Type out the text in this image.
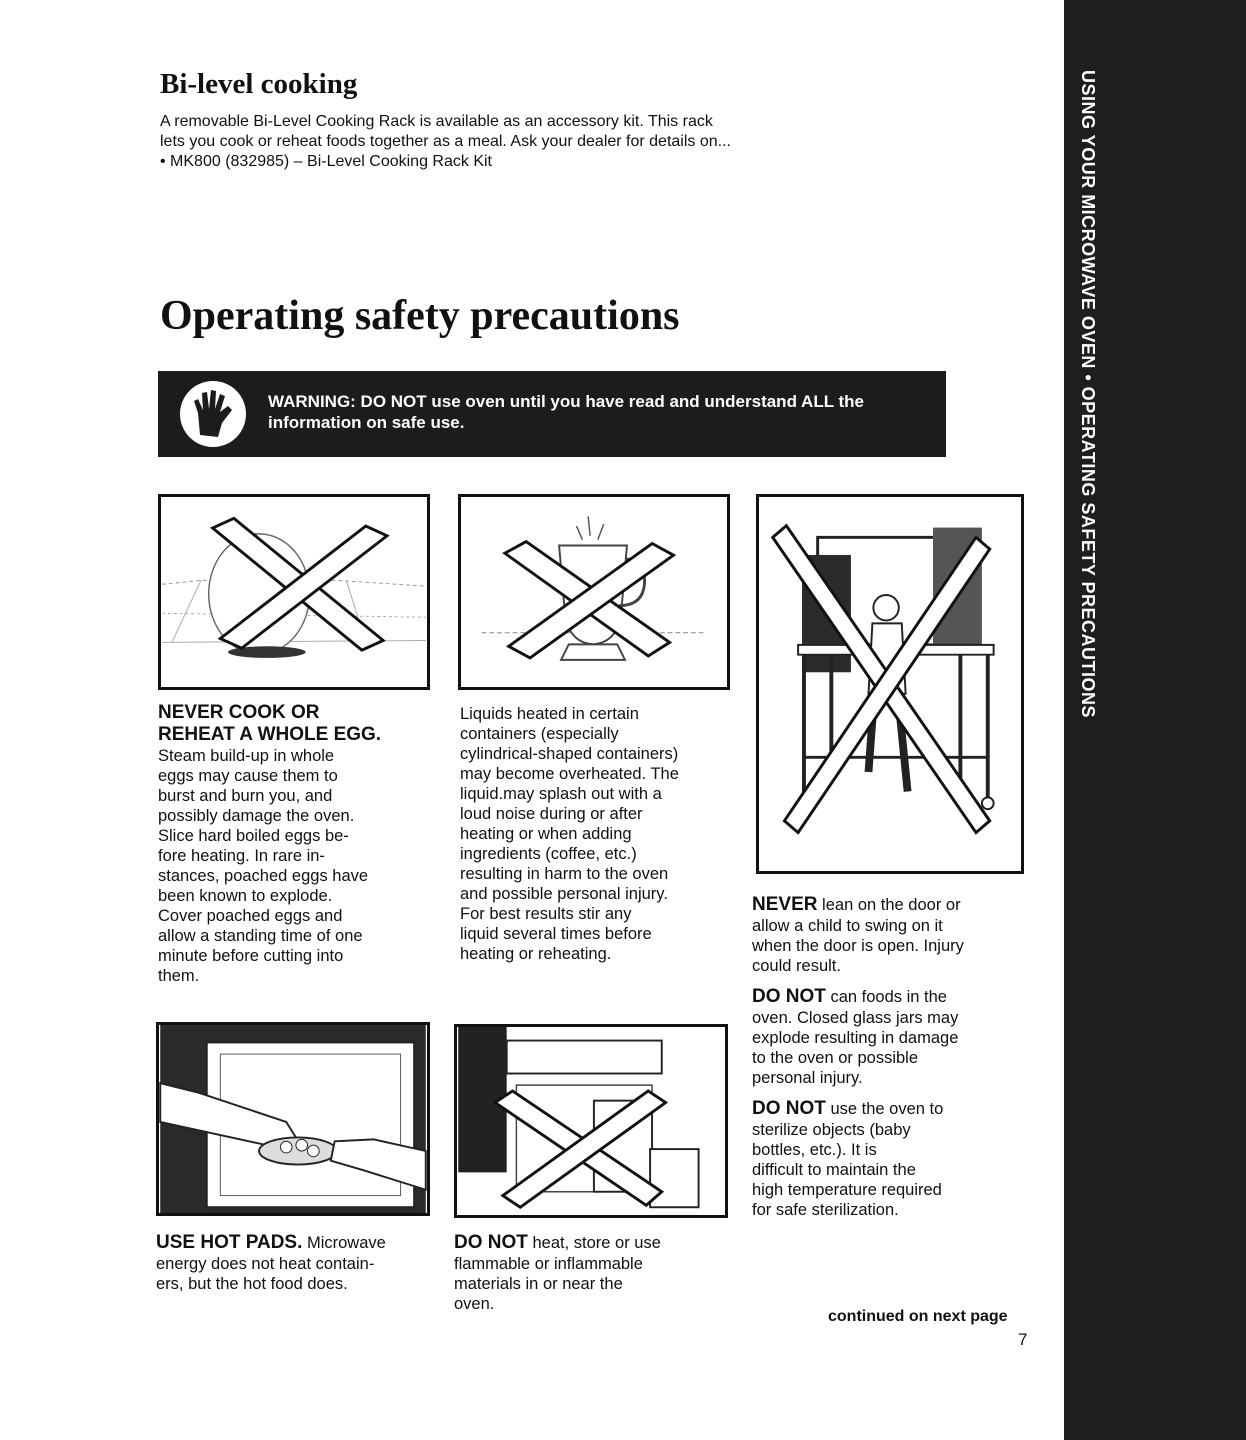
USING YOUR MICROWAVE OVEN • OPERATING SAFETY PRECAUTIONS
Bi-level cooking

A removable Bi-Level Cooking Rack is available as an accessory kit. This rack

lets you cook or reheat foods together as a meal. Ask your dealer for details on...

• MK800 (832985) – Bi-Level Cooking Rack Kit

Operating safety precautions
WARNING: DO NOT use oven until you have read and understand ALL the
information on safe use.
NEVER COOK OR
REHEAT A WHOLE EGG.
Steam build-up in whole
eggs may cause them to
burst and burn you, and
possibly damage the oven.
Slice hard boiled eggs be-
fore heating. In rare in-
stances, poached eggs have
been known to explode.
Cover poached eggs and
allow a standing time of one
minute before cutting into
them.
Liquids heated in certain
containers (especially
cylindrical-shaped containers)
may become overheated. The
liquid.may splash out with a
loud noise during or after
heating or when adding
ingredients (coffee, etc.)
resulting in harm to the oven
and possible personal injury.
For best results stir any
liquid several times before
heating or reheating.

NEVER lean on the door or
allow a child to swing on it
when the door is open. Injury
could result.

DO NOT can foods in the
oven. Closed glass jars may
explode resulting in damage
to the oven or possible
personal injury.

DO NOT use the oven to
sterilize objects (baby
bottles, etc.). It is
difficult to maintain the
high temperature required
for safe sterilization.

USE HOT PADS. Microwave
energy does not heat contain-
ers, but the hot food does.
DO NOT heat, store or use
flammable or inflammable
materials in or near the
oven.
continued on next page
7
